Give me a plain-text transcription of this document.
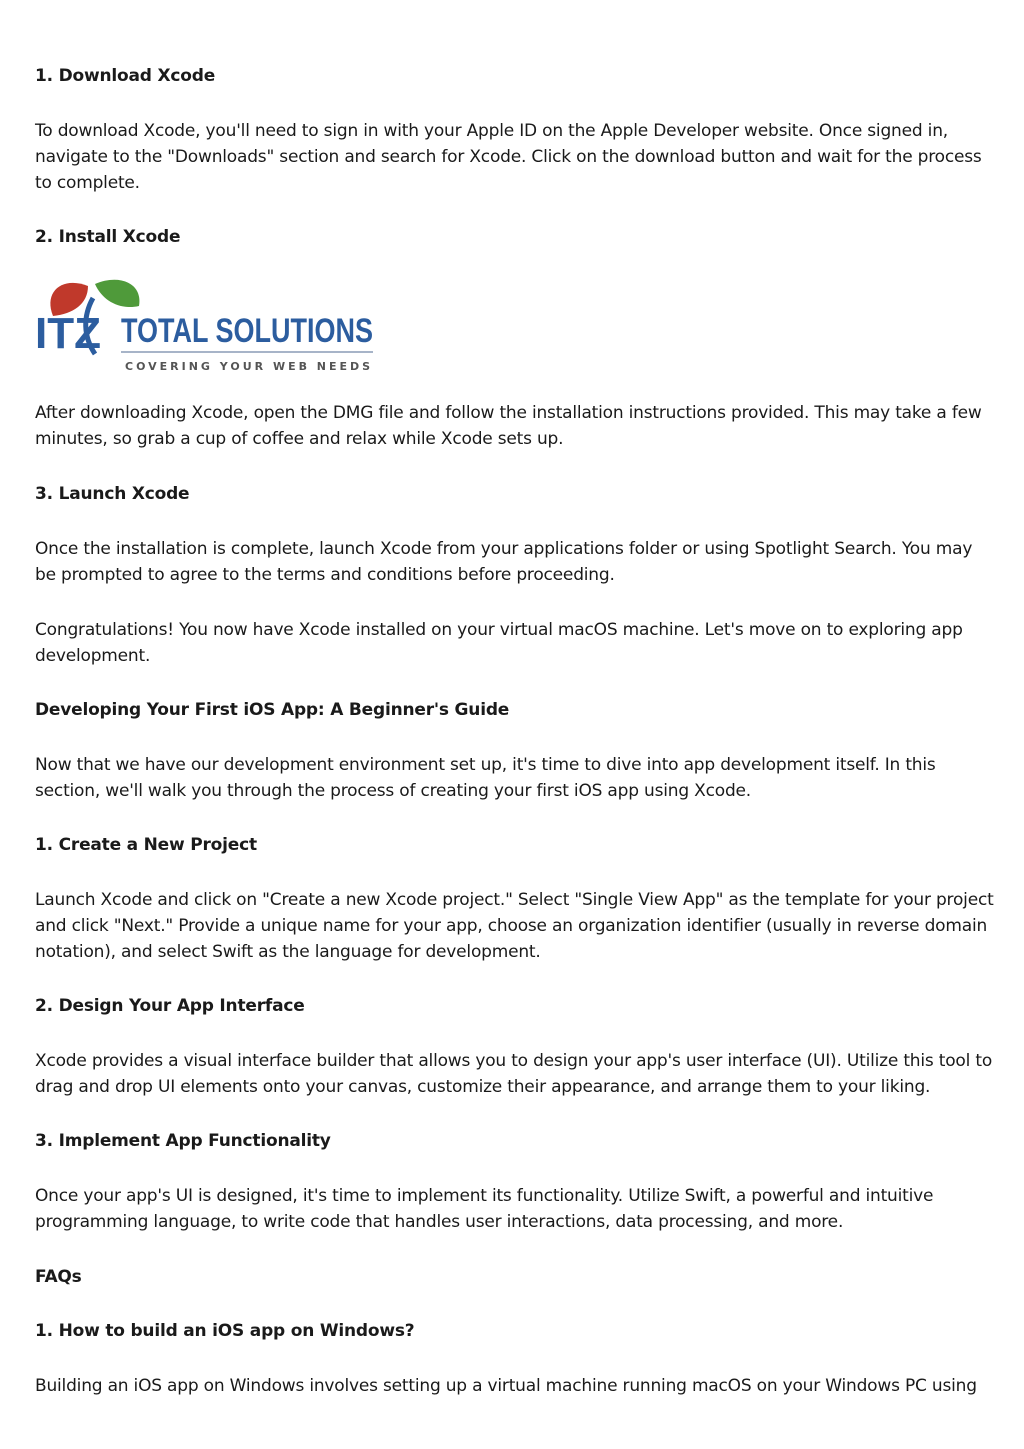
1. Download Xcode

To download Xcode, you'll need to sign in with your Apple ID on the Apple Developer website. Once signed in, navigate to the "Downloads" section and search for Xcode. Click on the download button and wait for the process to complete.

2. Install Xcode

ITZ TOTAL SOLUTIONS
COVERING YOUR WEB NEEDS

After downloading Xcode, open the DMG file and follow the installation instructions provided. This may take a few minutes, so grab a cup of coffee and relax while Xcode sets up.

3. Launch Xcode

Once the installation is complete, launch Xcode from your applications folder or using Spotlight Search. You may be prompted to agree to the terms and conditions before proceeding.

Congratulations! You now have Xcode installed on your virtual macOS machine. Let's move on to exploring app development.

Developing Your First iOS App: A Beginner's Guide

Now that we have our development environment set up, it's time to dive into app development itself. In this section, we'll walk you through the process of creating your first iOS app using Xcode.

1. Create a New Project

Launch Xcode and click on "Create a new Xcode project." Select "Single View App" as the template for your project and click "Next." Provide a unique name for your app, choose an organization identifier (usually in reverse domain notation), and select Swift as the language for development.

2. Design Your App Interface

Xcode provides a visual interface builder that allows you to design your app's user interface (UI). Utilize this tool to drag and drop UI elements onto your canvas, customize their appearance, and arrange them to your liking.

3. Implement App Functionality

Once your app's UI is designed, it's time to implement its functionality. Utilize Swift, a powerful and intuitive programming language, to write code that handles user interactions, data processing, and more.

FAQs

1. How to build an iOS app on Windows?

Building an iOS app on Windows involves setting up a virtual machine running macOS on your Windows PC using
